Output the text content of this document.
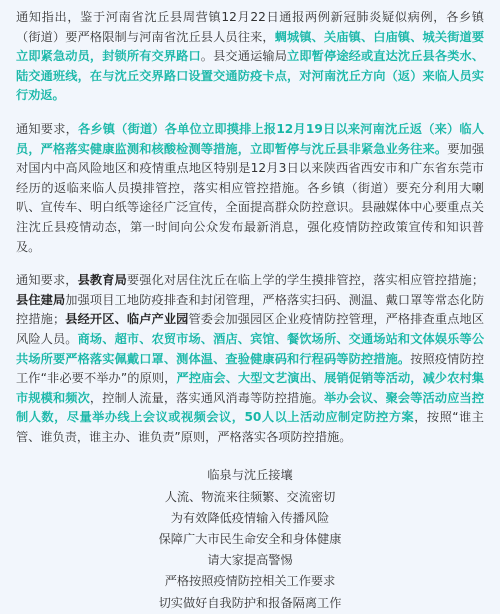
通知指出，鉴于河南省沈丘县周营镇12月22日通报两例新冠肺炎疑似病例，各乡镇（街道）要严格限制与河南省沈丘县人员往来，蜩城镇、关庙镇、白庙镇、城关街道要立即紧急动员，封锁所有交界路口。县交通运输局立即暂停途经或直达沈丘县各类水、陆交通班线，在与沈丘交界路口设置交通防疫卡点，对河南沈丘方向（返）来临人员实行劝返。

通知要求，各乡镇（街道）各单位立即摸排上报12月19日以来河南沈丘返（来）临人员，严格落实健康监测和核酸检测等措施，立即暂停与沈丘县非紧急业务往来。要加强对国内中高风险地区和疫情重点地区特别是12月3日以来陕西省西安市和广东省东莞市经历的返临来临人员摸排管控，落实相应管控措施。各乡镇（街道）要充分利用大喇叭、宣传车、明白纸等途径广泛宣传，全面提高群众防控意识。县融媒体中心要重点关注沈丘县疫情动态，第一时间向公众发布最新消息，强化疫情防控政策宣传和知识普及。

通知要求，县教育局要强化对居住沈丘在临上学的学生摸排管控，落实相应管控措施；县住建局加强项目工地防疫排查和封闭管理，严格落实扫码、测温、戴口罩等常态化防控措施；县经开区、临卢产业园管委会加强园区企业疫情防控管理，严格排查重点地区风险人员。商场、超市、农贸市场、酒店、宾馆、餐饮场所、交通场站和文体娱乐等公共场所要严格落实佩戴口罩、测体温、查验健康码和行程码等防控措施。按照疫情防控工作“非必要不举办”的原则，严控庙会、大型文艺演出、展销促销等活动，减少农村集市规模和频次，控制人流量，落实通风消毒等防控措施。举办会议、聚会等活动应当控制人数，尽量举办线上会议或视频会议，50人以上活动应制定防控方案，按照“谁主管、谁负责，谁主办、谁负责”原则，严格落实各项防控措施。

临泉与沈丘接壤
人流、物流来往频繁、交流密切
为有效降低疫情输入传播风险
保障广大市民生命安全和身体健康
请大家提高警惕
严格按照疫情防控相关工作要求
切实做好自我防护和报备隔离工作
